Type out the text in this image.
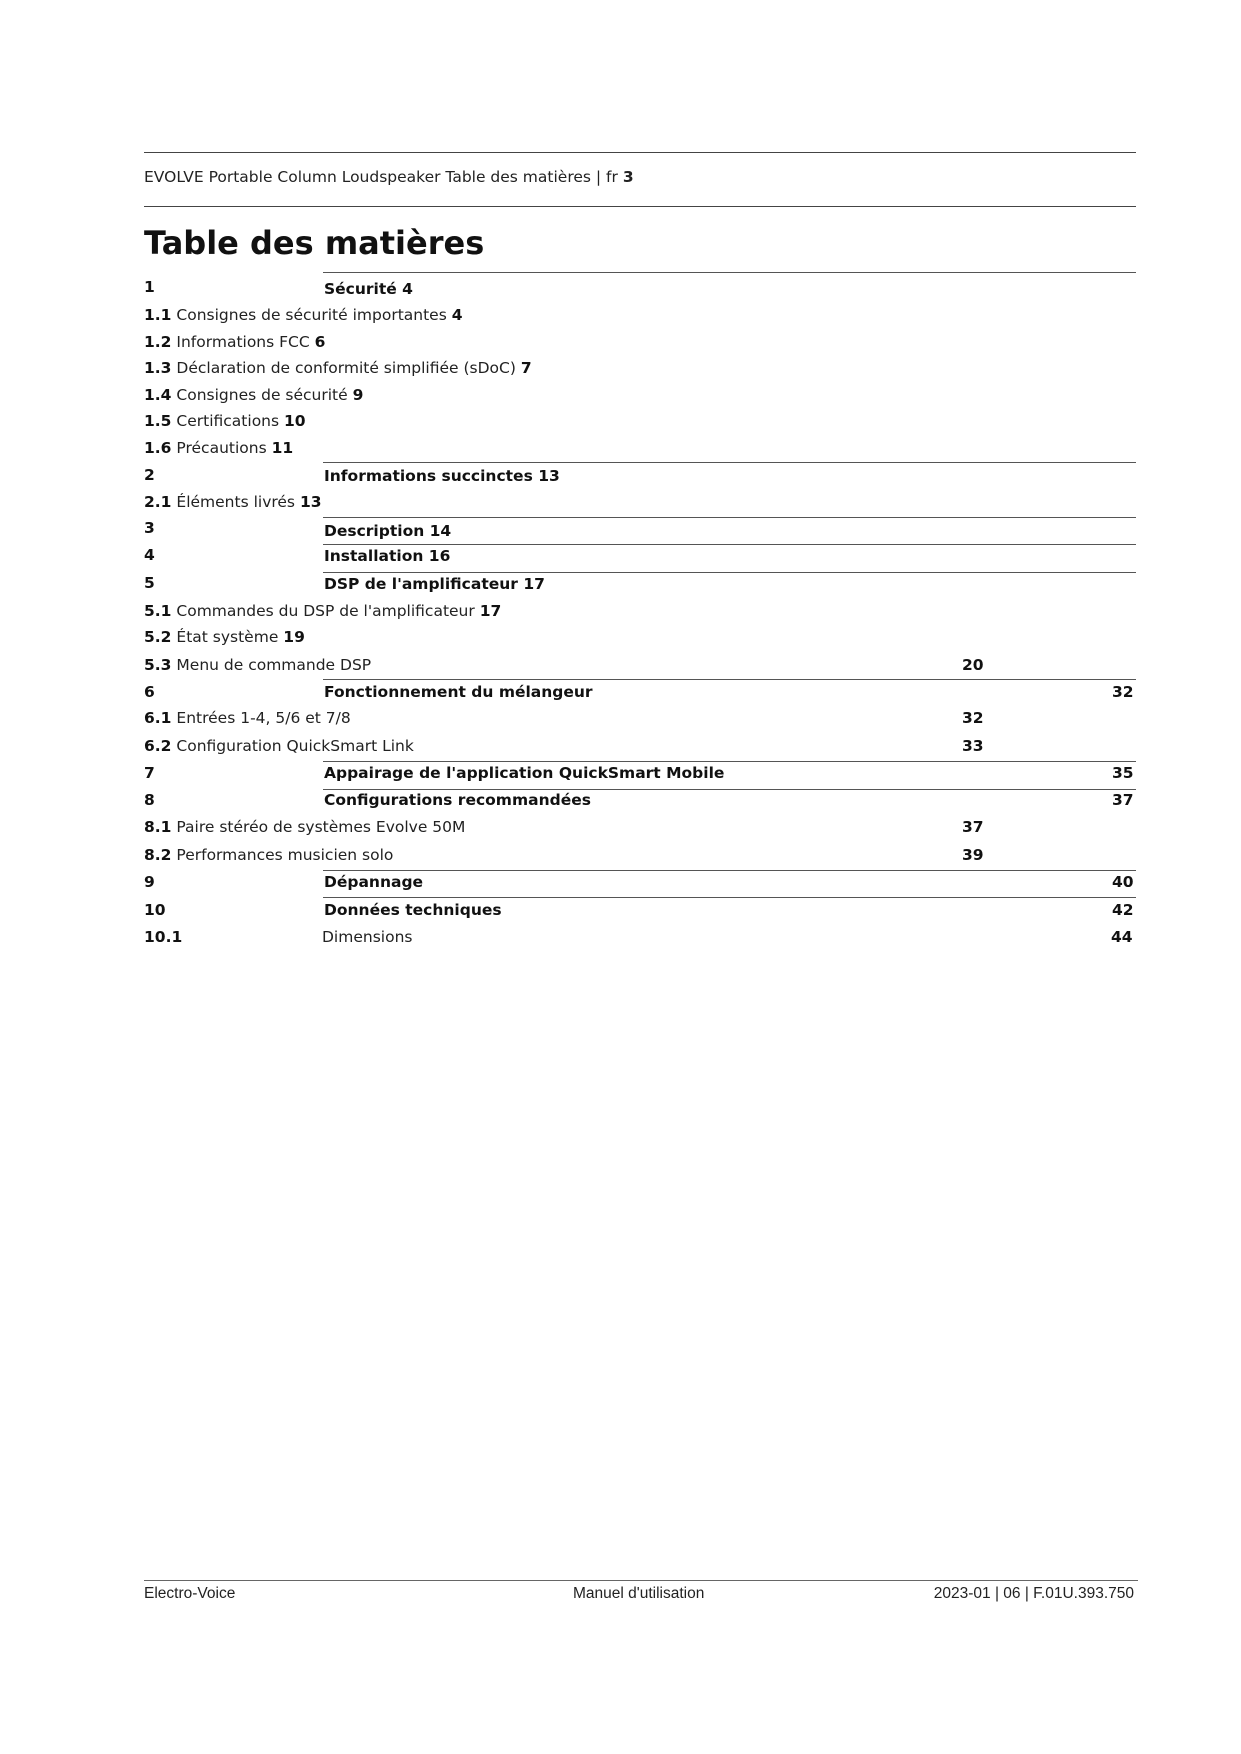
EVOLVE Portable Column Loudspeaker Table des matières | fr 3
Table des matières
1	Sécurité 4
1.1 Consignes de sécurité importantes 4
1.2 Informations FCC 6
1.3 Déclaration de conformité simplifiée (sDoC) 7
1.4 Consignes de sécurité 9
1.5 Certifications 10
1.6 Précautions 11
2	Informations succinctes 13
2.1 Éléments livrés 13
3	Description 14
4	Installation 16
5	DSP de l'amplificateur 17
5.1 Commandes du DSP de l'amplificateur 17
5.2 État système 19
5.3 Menu de commande DSP	20
6	Fonctionnement du mélangeur	32
6.1 Entrées 1-4, 5/6 et 7/8	32
6.2 Configuration QuickSmart Link	33
7	Appairage de l'application QuickSmart Mobile	35
8	Configurations recommandées	37
8.1 Paire stéréo de systèmes Evolve 50M	37
8.2 Performances musicien solo	39
9	Dépannage	40
10	Données techniques	42
10.1	Dimensions	44
Electro-Voice	Manuel d'utilisation	2023-01 | 06 | F.01U.393.750
